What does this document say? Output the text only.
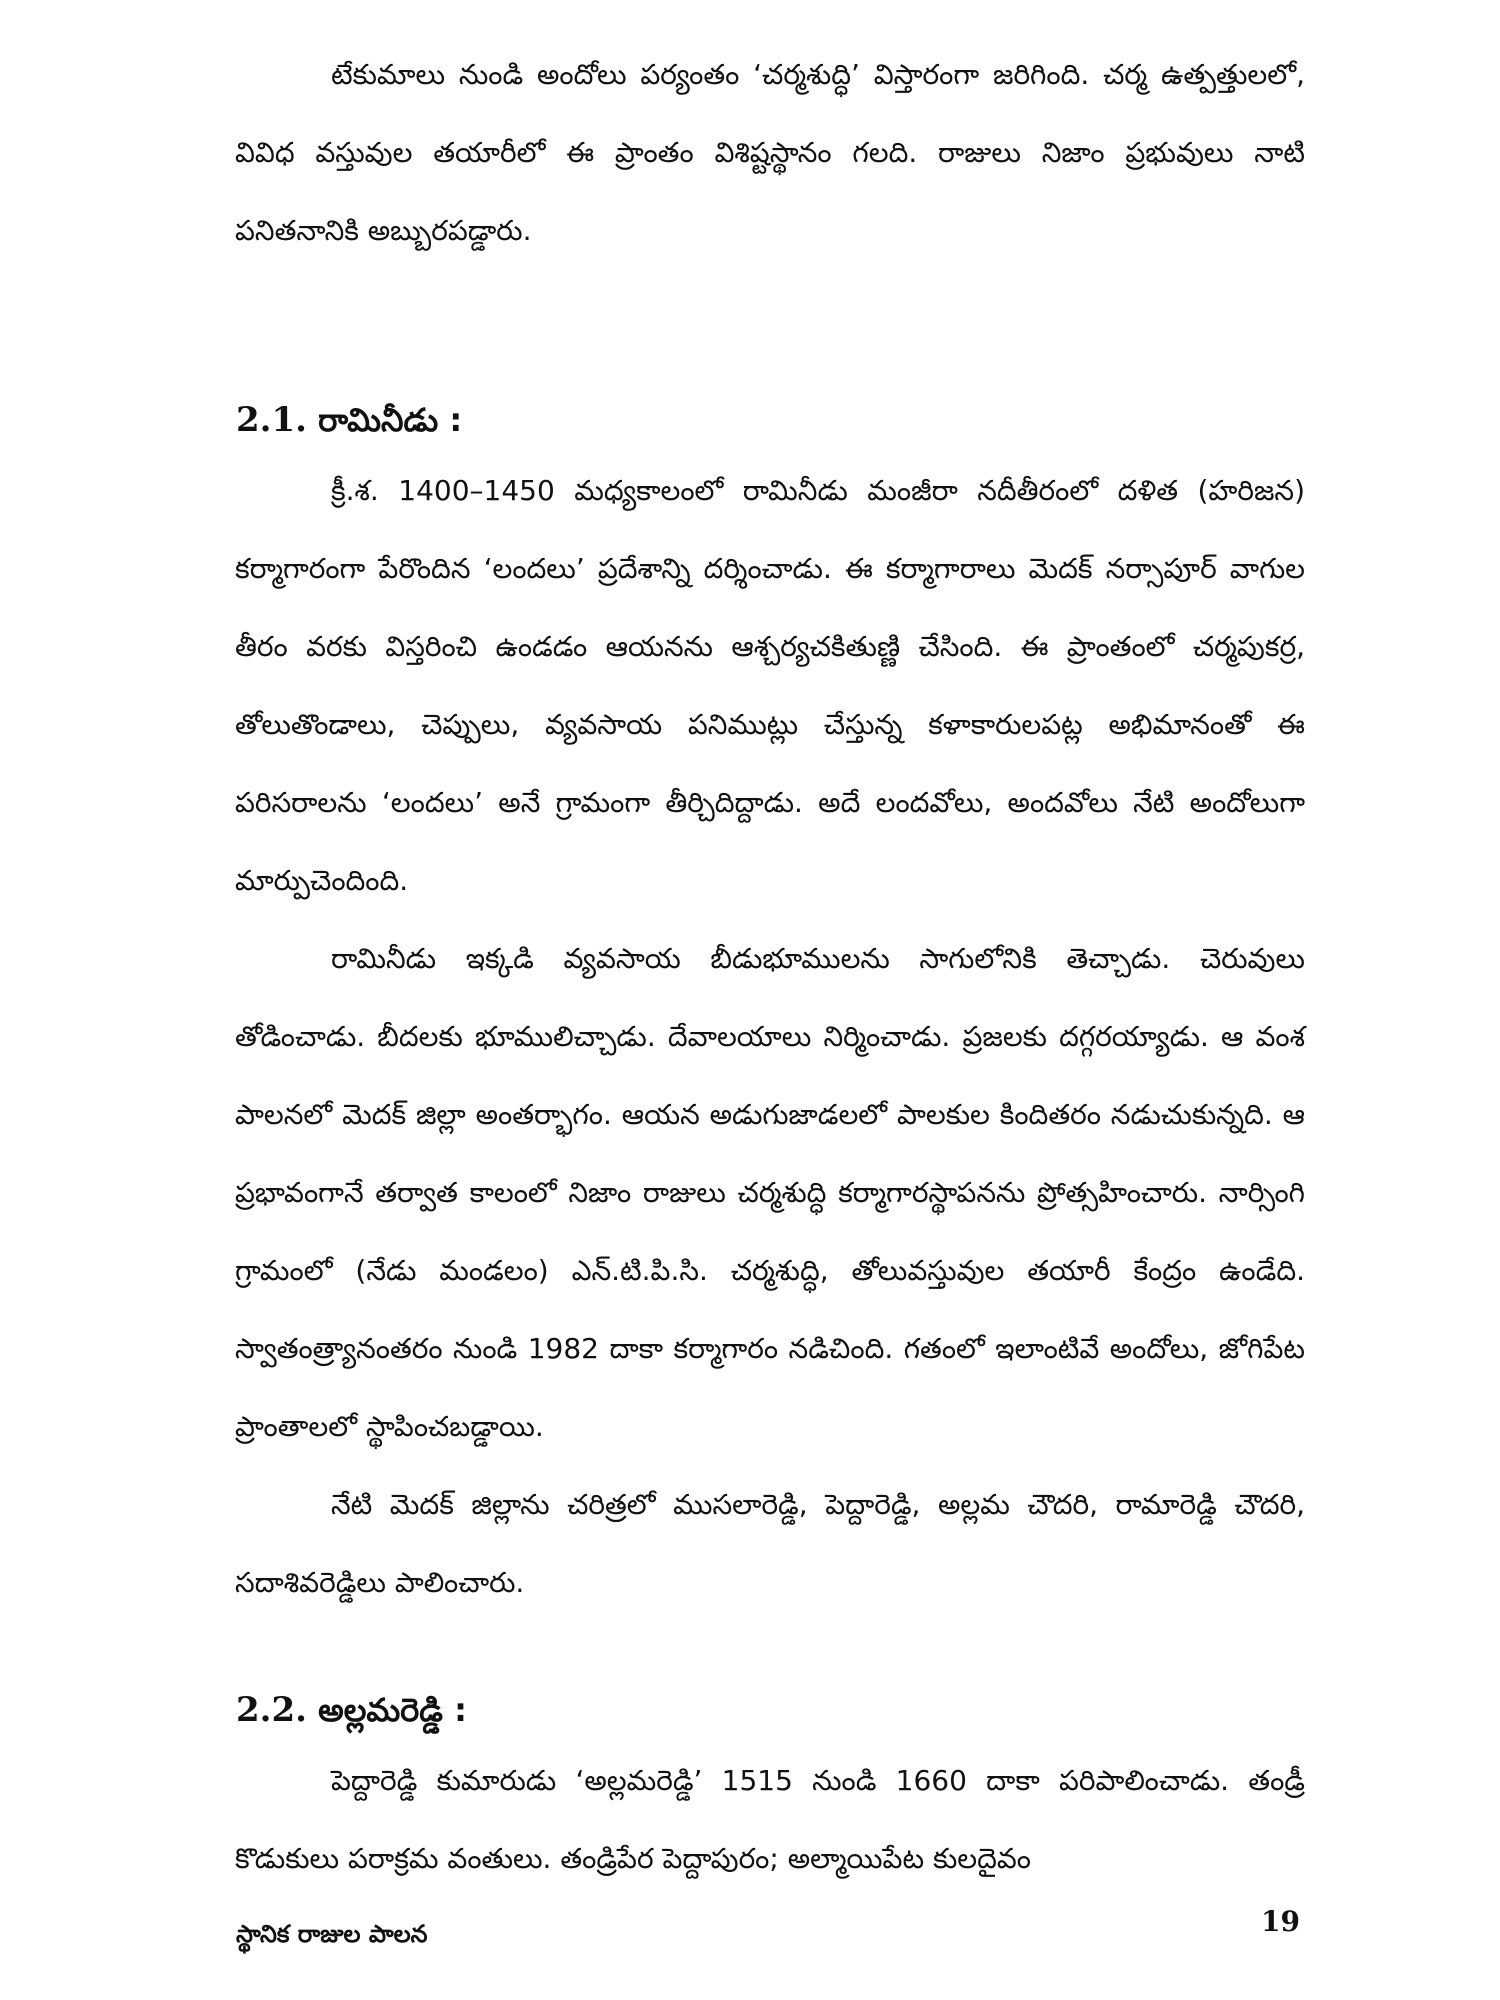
టేకుమాలు నుండి అందోలు పర్యంతం ‘చర్మశుద్ధి’ విస్తారంగా జరిగింది. చర్మ ఉత్పత్తులలో, వివిధ వస్తువుల తయారీలో ఈ ప్రాంతం విశిష్టస్థానం గలది. రాజులు నిజాం ప్రభువులు నాటి పనితనానికి అబ్బురపడ్డారు.

2.1. రామినీడు :

క్రీ.శ. 1400–1450 మధ్యకాలంలో రామినీడు మంజీరా నదీతీరంలో దళిత (హరిజన) కర్మాగారంగా పేరొందిన ‘లందలు’ ప్రదేశాన్ని దర్శించాడు. ఈ కర్మాగారాలు మెదక్ నర్సాపూర్ వాగుల తీరం వరకు విస్తరించి ఉండడం ఆయనను ఆశ్చర్యచకితుణ్ణి చేసింది. ఈ ప్రాంతంలో చర్మపుకర్ర, తోలుతొండాలు, చెప్పులు, వ్యవసాయ పనిముట్లు చేస్తున్న కళాకారులపట్ల అభిమానంతో ఈ పరిసరాలను ‘లందలు’ అనే గ్రామంగా తీర్చిదిద్దాడు. అదే లందవోలు, అందవోలు నేటి అందోలుగా మార్పుచెందింది.

రామినీడు ఇక్కడి వ్యవసాయ బీడుభూములను సాగులోనికి తెచ్చాడు. చెరువులు తోడించాడు. బీదలకు భూములిచ్చాడు. దేవాలయాలు నిర్మించాడు. ప్రజలకు దగ్గరయ్యాడు. ఆ వంశ పాలనలో మెదక్ జిల్లా అంతర్భాగం. ఆయన అడుగుజాడలలో పాలకుల కిందితరం నడుచుకున్నది. ఆ ప్రభావంగానే తర్వాత కాలంలో నిజాం రాజులు చర్మశుద్ధి కర్మాగారస్థాపనను ప్రోత్సహించారు. నార్సింగి గ్రామంలో (నేడు మండలం) ఎన్.టి.పి.సి. చర్మశుద్ధి, తోలువస్తువుల తయారీ కేంద్రం ఉండేది. స్వాతంత్ర్యానంతరం నుండి 1982 దాకా కర్మాగారం నడిచింది. గతంలో ఇలాంటివే అందోలు, జోగిపేట ప్రాంతాలలో స్థాపించబడ్డాయి.

నేటి మెదక్ జిల్లాను చరిత్రలో ముసలారెడ్డి, పెద్దారెడ్డి, అల్లమ చౌదరి, రామారెడ్డి చౌదరి, సదాశివరెడ్డిలు పాలించారు.

2.2. అల్లమరెడ్డి :

పెద్దారెడ్డి కుమారుడు ‘అల్లమరెడ్డి’ 1515 నుండి 1660 దాకా పరిపాలించాడు. తండ్రీ కొడుకులు పరాక్రమ వంతులు. తండ్రిపేర పెద్దాపురం; అల్మాయిపేట కులదైవం

స్థానిక రాజుల పాలన	19
